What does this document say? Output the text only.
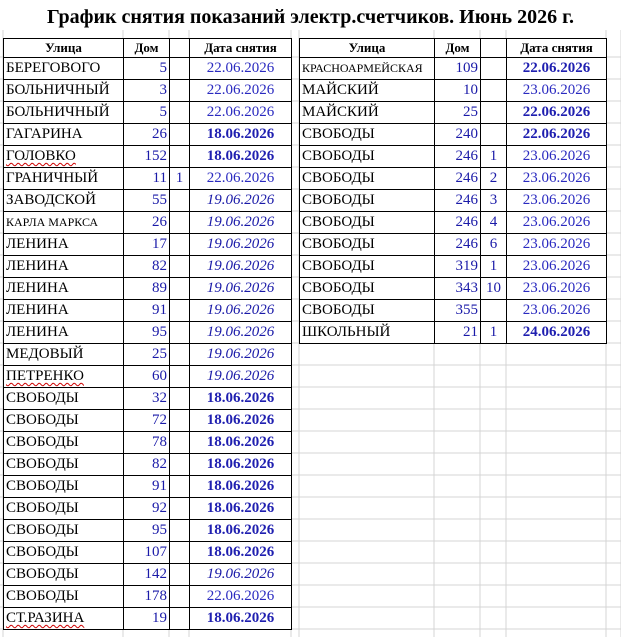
График снятия показаний электр.счетчиков. Июнь 2026 г.
Улица	Дом		Дата снятия
БЕРЕГОВОГО	5		22.06.2026
БОЛЬНИЧНЫЙ	3		22.06.2026
БОЛЬНИЧНЫЙ	5		22.06.2026
ГАГАРИНА	26		18.06.2026
ГОЛОВКО	152		18.06.2026
ГРАНИЧНЫЙ	11	1	22.06.2026
ЗАВОДСКОЙ	55		19.06.2026
КАРЛА МАРКСА	26		19.06.2026
ЛЕНИНА	17		19.06.2026
ЛЕНИНА	82		19.06.2026
ЛЕНИНА	89		19.06.2026
ЛЕНИНА	91		19.06.2026
ЛЕНИНА	95		19.06.2026
МЕДОВЫЙ	25		19.06.2026
ПЕТРЕНКО	60		19.06.2026
СВОБОДЫ	32		18.06.2026
СВОБОДЫ	72		18.06.2026
СВОБОДЫ	78		18.06.2026
СВОБОДЫ	82		18.06.2026
СВОБОДЫ	91		18.06.2026
СВОБОДЫ	92		18.06.2026
СВОБОДЫ	95		18.06.2026
СВОБОДЫ	107		18.06.2026
СВОБОДЫ	142		19.06.2026
СВОБОДЫ	178		22.06.2026
СТ.РАЗИНА	19		18.06.2026
Улица	Дом		Дата снятия
КРАСНОАРМЕЙСКАЯ	109		22.06.2026
МАЙСКИЙ	10		23.06.2026
МАЙСКИЙ	25		22.06.2026
СВОБОДЫ	240		22.06.2026
СВОБОДЫ	246	1	23.06.2026
СВОБОДЫ	246	2	23.06.2026
СВОБОДЫ	246	3	23.06.2026
СВОБОДЫ	246	4	23.06.2026
СВОБОДЫ	246	6	23.06.2026
СВОБОДЫ	319	1	23.06.2026
СВОБОДЫ	343	10	23.06.2026
СВОБОДЫ	355		23.06.2026
ШКОЛЬНЫЙ	21	1	24.06.2026
